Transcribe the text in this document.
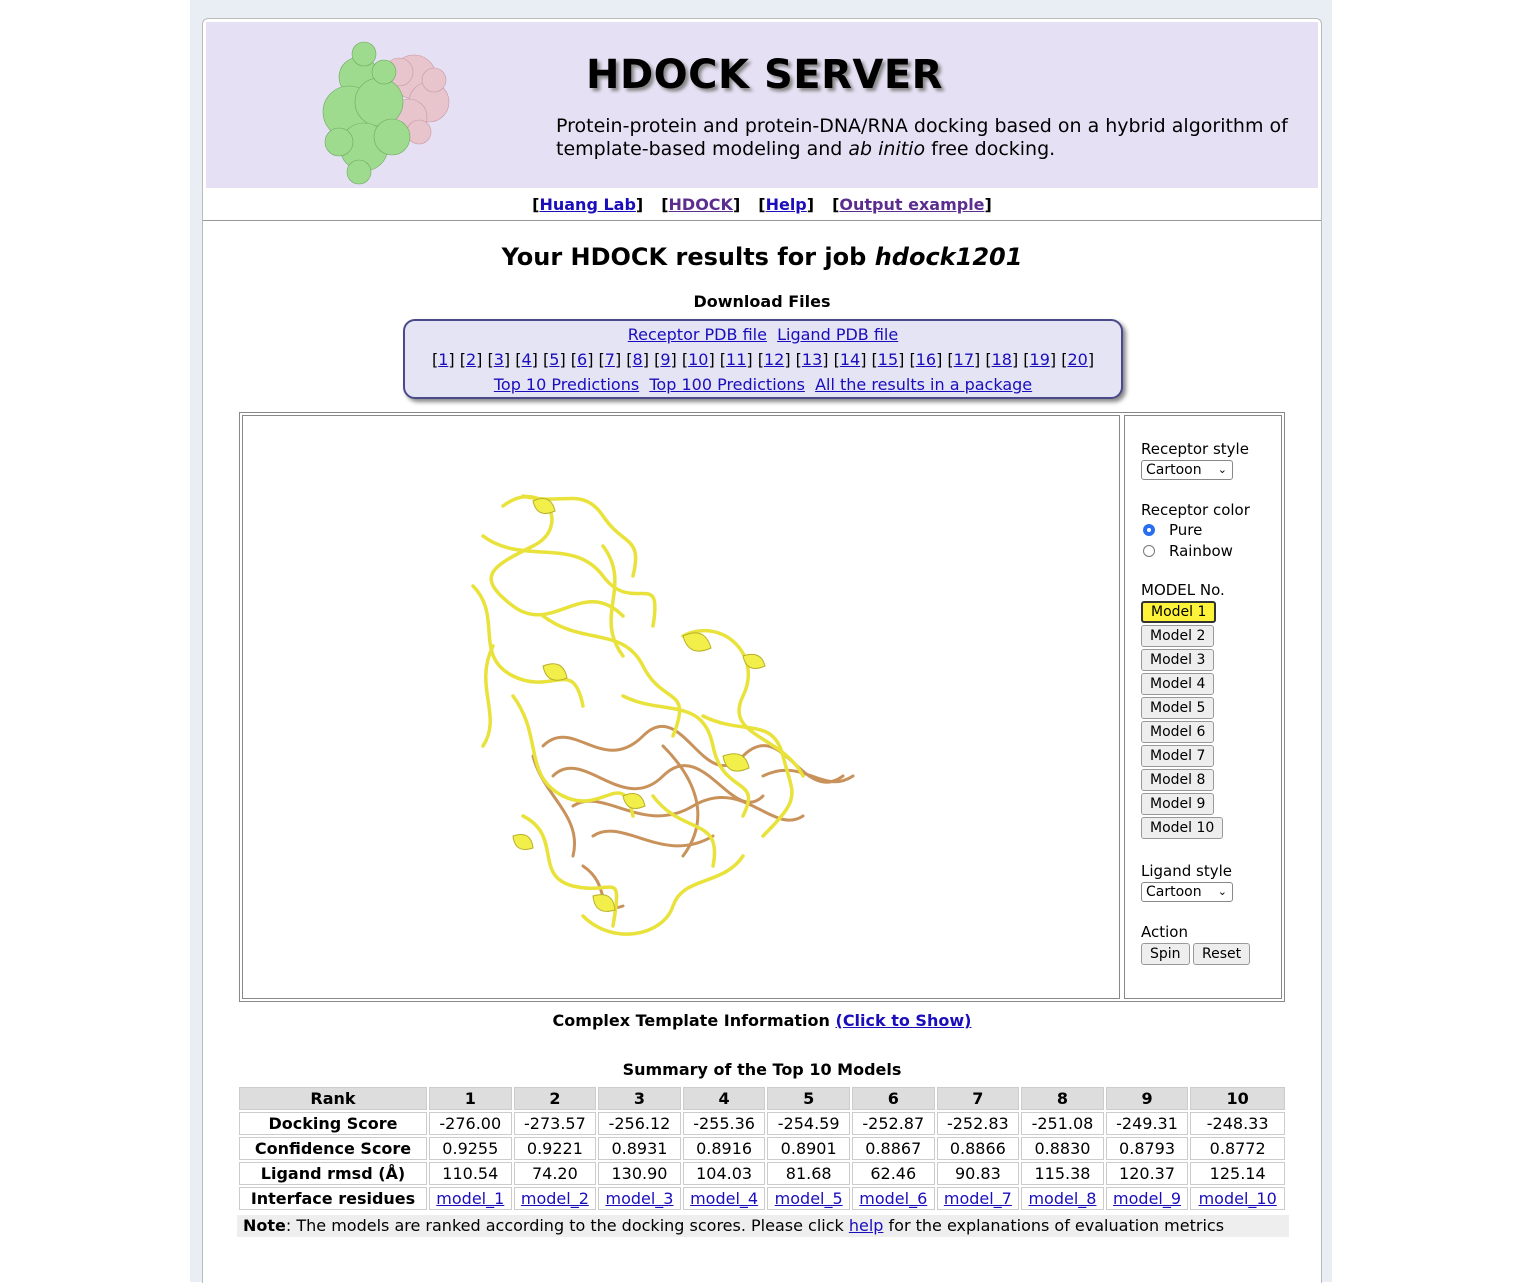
HDOCK SERVER
Protein-protein and protein-DNA/RNA docking based on a hybrid algorithm of template-based modeling and ab initio free docking.
[Huang Lab] [HDOCK] [Help] [Output example]
Your HDOCK results for job hdock1201
Download Files
Receptor PDB file Ligand PDB file
[1] [2] [3] [4] [5] [6] [7] [8] [9] [10] [11] [12] [13] [14] [15] [16] [17] [18] [19] [20]
Top 10 Predictions Top 100 Predictions All the results in a package
Receptor style
Cartoon ⌄
Receptor color
Pure
Rainbow
MODEL No.
Model 1
Model 2
Model 3
Model 4
Model 5
Model 6
Model 7
Model 8
Model 9
Model 10
Ligand style
Cartoon ⌄
Action
Spin	Reset
Complex Template Information (Click to Show)
Summary of the Top 10 Models
Rank	1	2	3	4	5	6	7	8	9	10
Docking Score	-276.00	-273.57	-256.12	-255.36	-254.59	-252.87	-252.83	-251.08	-249.31	-248.33
Confidence Score	0.9255	0.9221	0.8931	0.8916	0.8901	0.8867	0.8866	0.8830	0.8793	0.8772
Ligand rmsd (Å)	110.54	74.20	130.90	104.03	81.68	62.46	90.83	115.38	120.37	125.14
Interface residues	model_1	model_2	model_3	model_4	model_5	model_6	model_7	model_8	model_9	model_10
Note: The models are ranked according to the docking scores. Please click help for the explanations of evaluation metrics
